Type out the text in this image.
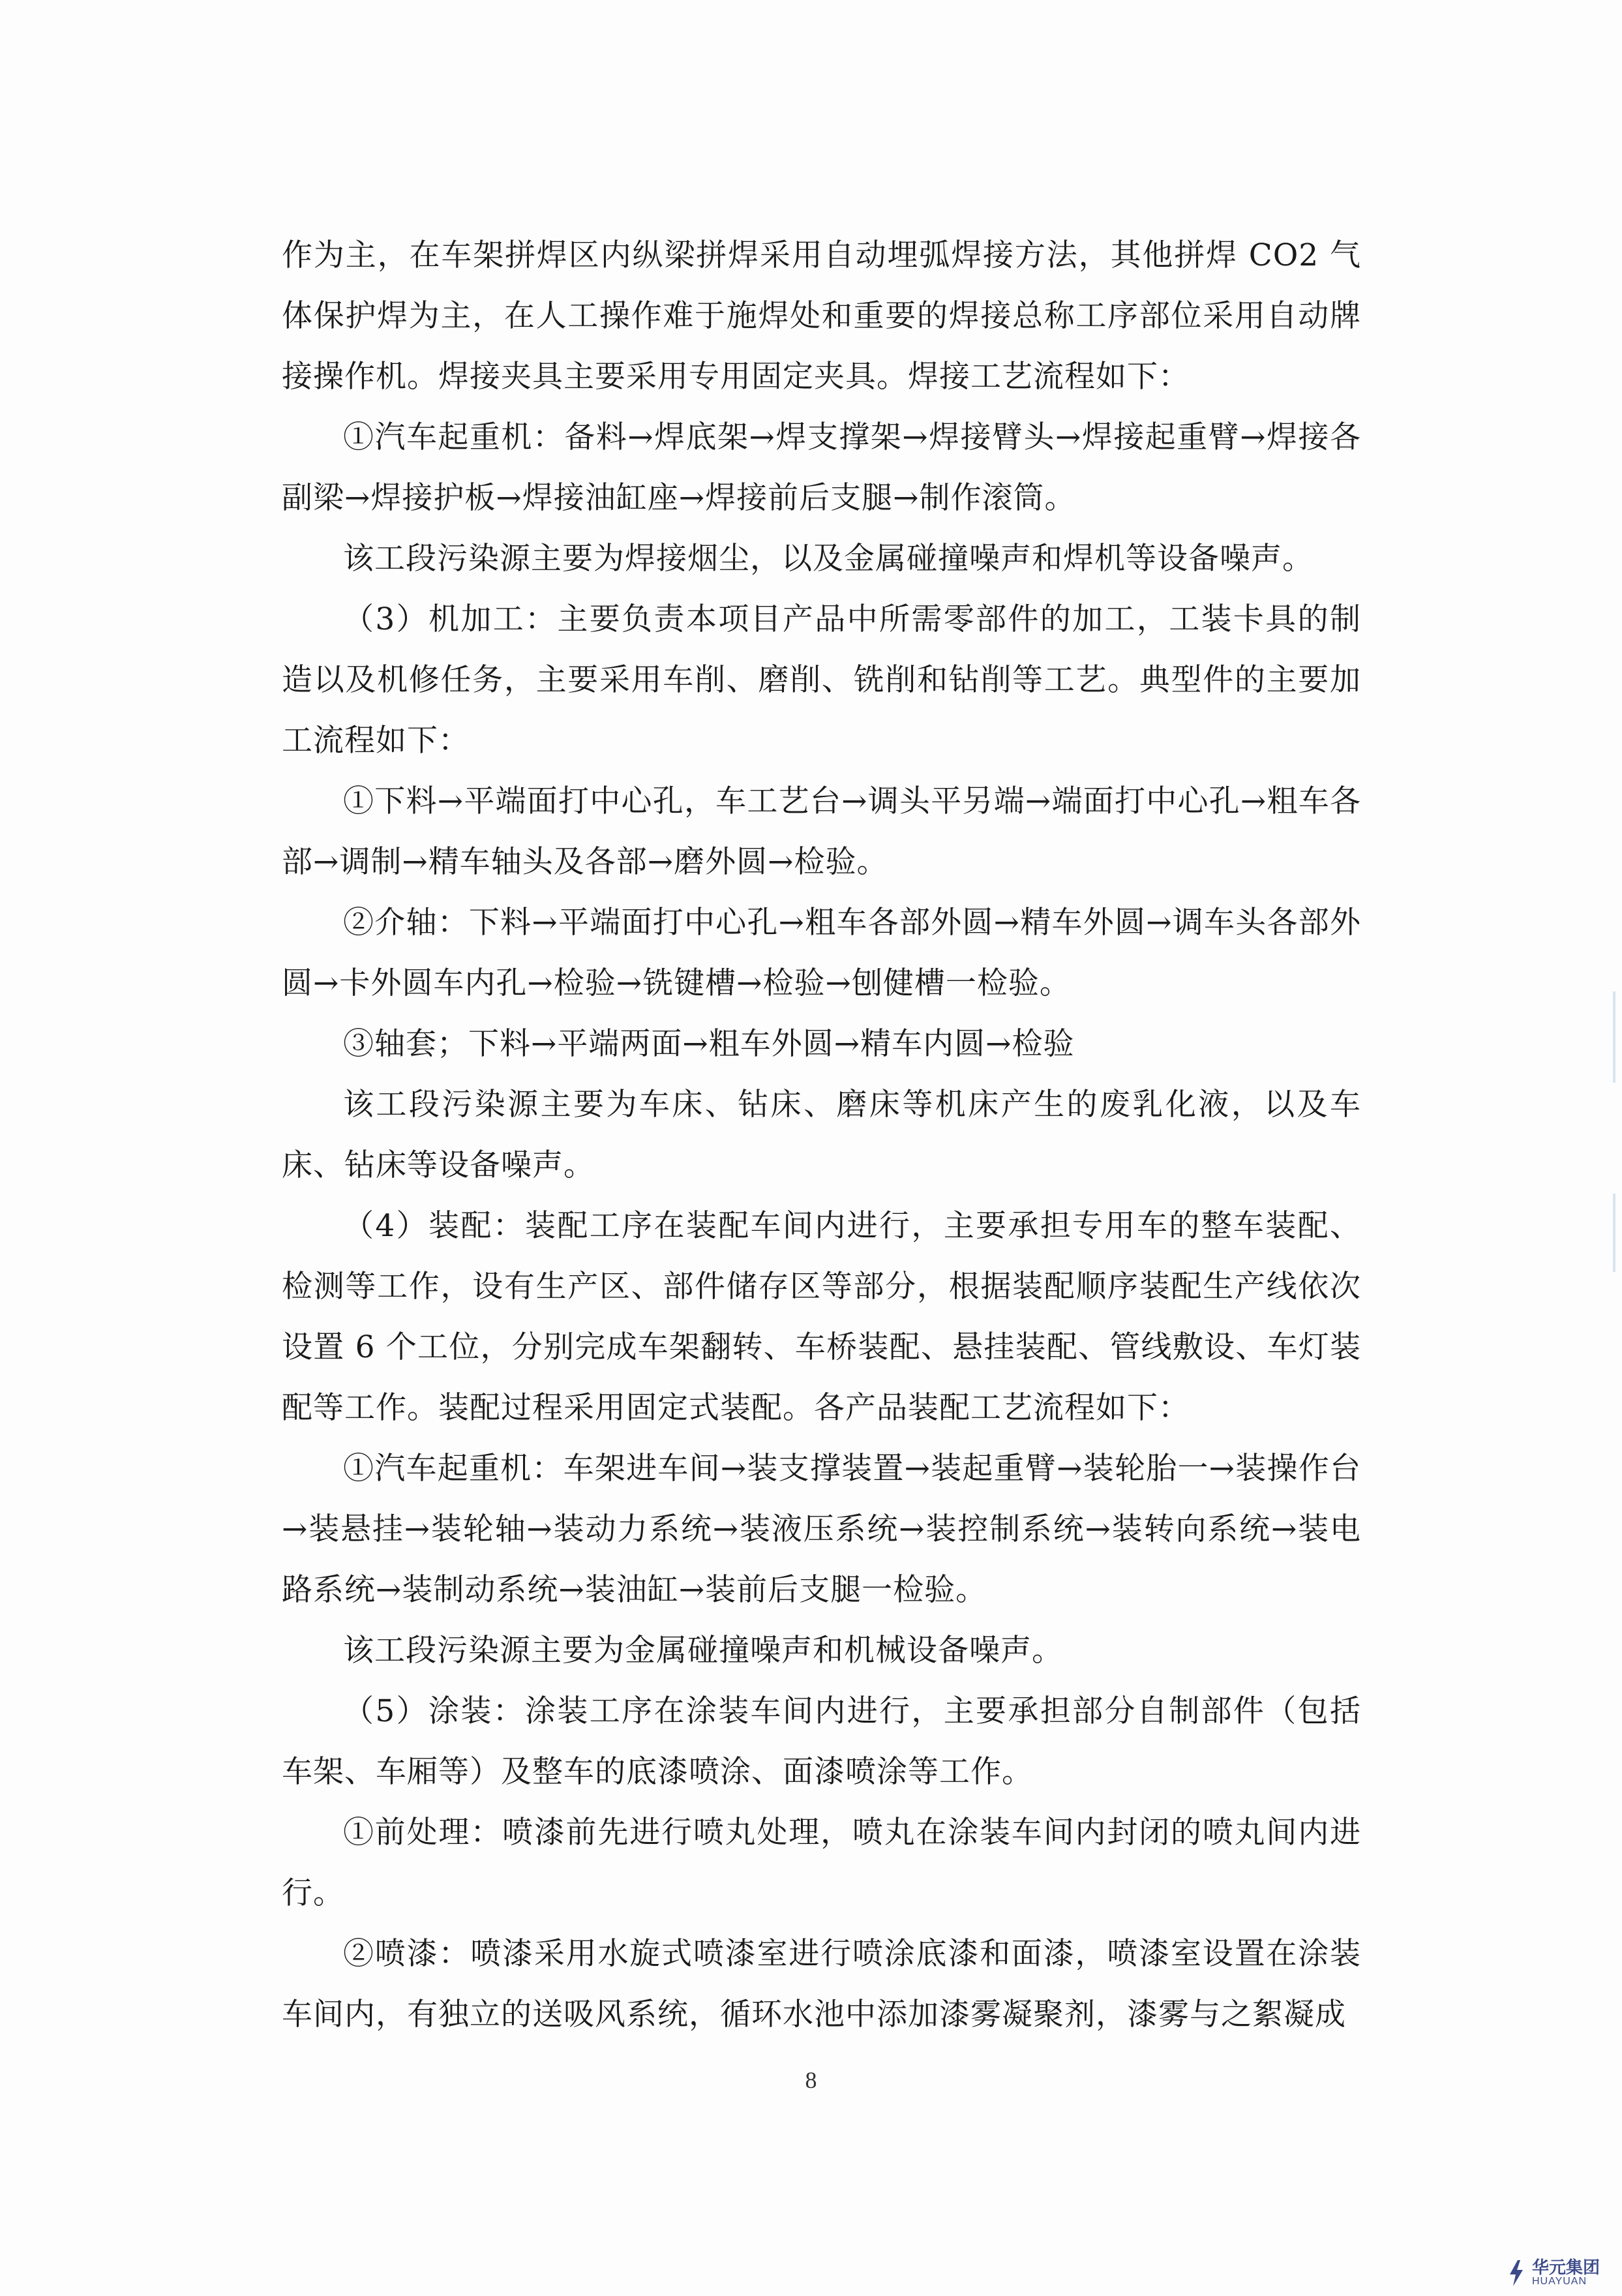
作为主，在车架拼焊区内纵梁拼焊采用自动埋弧焊接方法，其他拼焊 CO2 气体保护焊为主，在人工操作难于施焊处和重要的焊接总称工序部位采用自动牌接操作机。焊接夹具主要采用专用固定夹具。焊接工艺流程如下：

①汽车起重机：备料→焊底架→焊支撑架→焊接臂头→焊接起重臂→焊接各副梁→焊接护板→焊接油缸座→焊接前后支腿→制作滚筒。

该工段污染源主要为焊接烟尘，以及金属碰撞噪声和焊机等设备噪声。

（3）机加工：主要负责本项目产品中所需零部件的加工，工装卡具的制造以及机修任务，主要采用车削、磨削、铣削和钻削等工艺。典型件的主要加工流程如下：

①下料→平端面打中心孔，车工艺台→调头平另端→端面打中心孔→粗车各部→调制→精车轴头及各部→磨外圆→检验。

②介轴：下料→平端面打中心孔→粗车各部外圆→精车外圆→调车头各部外圆→卡外圆车内孔→检验→铣键槽→检验→刨健槽一检验。

③轴套；下料→平端两面→粗车外圆→精车内圆→检验

该工段污染源主要为车床、钻床、磨床等机床产生的废乳化液，以及车床、钻床等设备噪声。

（4）装配：装配工序在装配车间内进行，主要承担专用车的整车装配、检测等工作，设有生产区、部件储存区等部分，根据装配顺序装配生产线依次设置 6 个工位，分别完成车架翻转、车桥装配、悬挂装配、管线敷设、车灯装配等工作。装配过程采用固定式装配。各产品装配工艺流程如下：

①汽车起重机：车架进车间→装支撑装置→装起重臂→装轮胎一→装操作台→装悬挂→装轮轴→装动力系统→装液压系统→装控制系统→装转向系统→装电路系统→装制动系统→装油缸→装前后支腿一检验。

该工段污染源主要为金属碰撞噪声和机械设备噪声。

（5）涂装：涂装工序在涂装车间内进行，主要承担部分自制部件（包括车架、车厢等）及整车的底漆喷涂、面漆喷涂等工作。

①前处理：喷漆前先进行喷丸处理，喷丸在涂装车间内封闭的喷丸间内进行。

②喷漆：喷漆采用水旋式喷漆室进行喷涂底漆和面漆，喷漆室设置在涂装车间内，有独立的送吸风系统，循环水池中添加漆雾凝聚剂，漆雾与之絮凝成

8
华元集团
HUAYUAN
